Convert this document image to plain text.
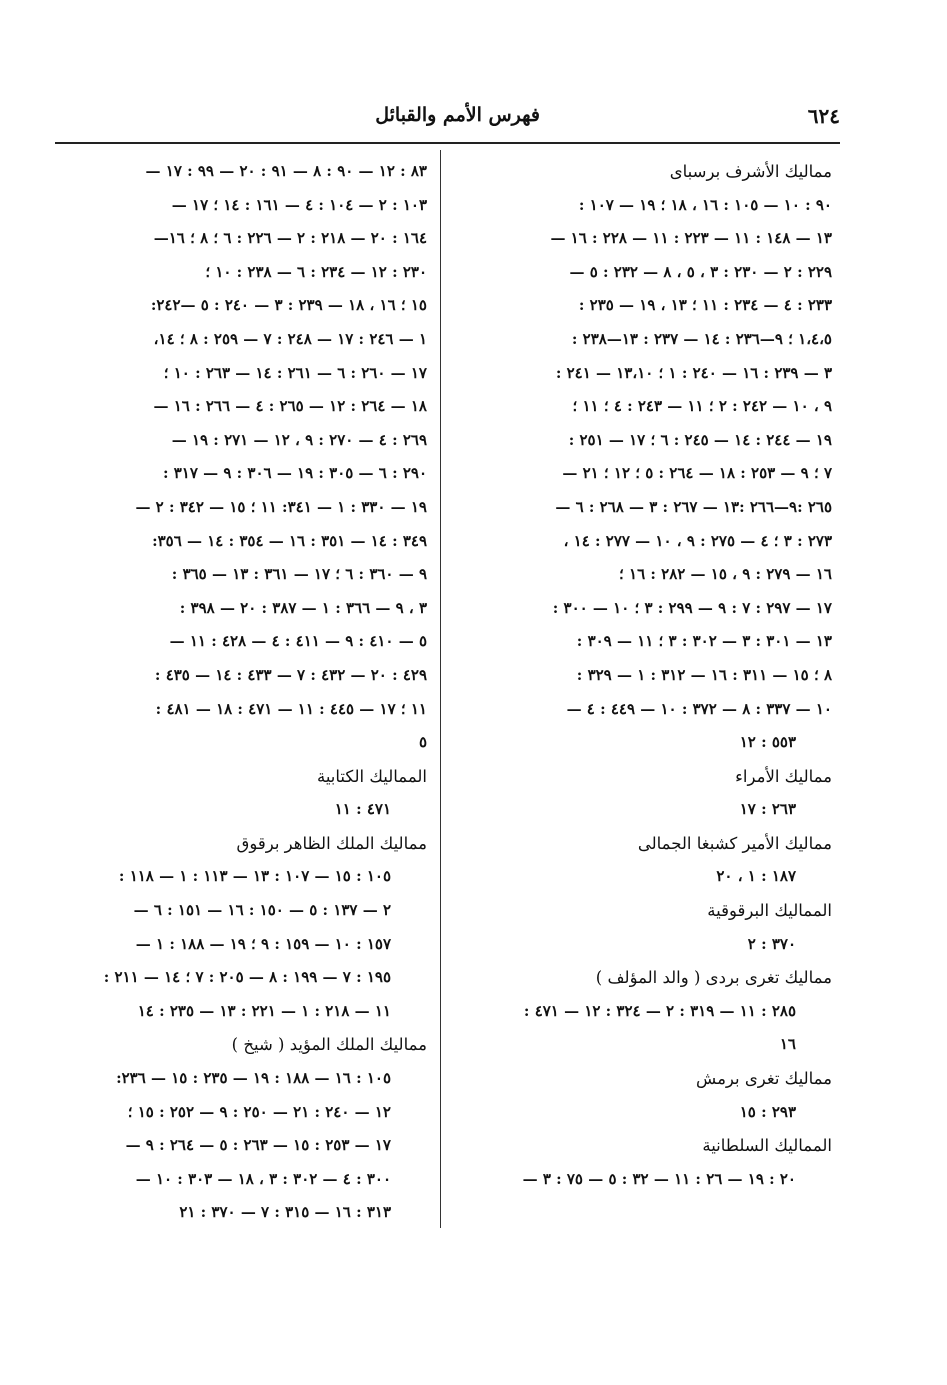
٦٢٤
فهرس الأمم والقبائل
مماليك الأشرف برسباى
٩٠ : ١٠ — ١٠٥ : ١٦ ، ١٨ ؛ ١٩ — ١٠٧ :
١٣ — ١٤٨ : ١١ — ٢٢٣ : ١١ — ٢٢٨ : ١٦ —
٢٢٩ : ٢ — ٢٣٠ : ٣ ، ٥ ، ٨ — ٢٣٢ : ٥ —
٢٣٣ : ٤ — ٢٣٤ : ١١ ؛ ١٣ ، ١٩ — ٢٣٥ :
١،٤،٥ ؛ ٩—٢٣٦ : ١٤ — ٢٣٧ : ١٣—٢٣٨ :
٣ — ٢٣٩ : ١٦ — ٢٤٠ : ١ ؛ ١٣،١٠ — ٢٤١ :
٩ ، ١٠ — ٢٤٢ : ٢ ؛ ١١ — ٢٤٣ : ٤ ؛ ١١ ؛
١٩ — ٢٤٤ : ١٤ — ٢٤٥ : ٦ ؛ ١٧ — ٢٥١ :
٧ ؛ ٩ — ٢٥٣ : ١٨ — ٢٦٤ : ٥ ؛ ١٢ ؛ ٢١ —
٢٦٥ :٩—٢٦٦ :١٣ — ٢٦٧ : ٣ — ٢٦٨ : ٦ —
٢٧٣ : ٣ ؛ ٤ — ٢٧٥ : ٩ ، ١٠ — ٢٧٧ : ١٤ ،
١٦ — ٢٧٩ : ٩ ، ١٥ — ٢٨٢ : ١٦ ؛
١٧ — ٢٩٧ : ٧ : ٩ — ٢٩٩ : ٣ ؛ ١٠ — ٣٠٠ :
١٣ — ٣٠١ : ٣ — ٣٠٢ : ٣ ؛ ١١ — ٣٠٩ :
٨ ؛ ١٥ — ٣١١ : ١٦ — ٣١٢ : ١ — ٣٢٩ :
١٠ — ٣٣٧ : ٨ — ٣٧٢ : ١٠ — ٤٤٩ : ٤ —
٥٥٣ : ١٢
مماليك الأمراء
٢٦٣ : ١٧
مماليك الأمير كشبغا الجمالى
١٨٧ : ١ ، ٢٠
المماليك البرقوقية
٣٧٠ : ٢
مماليك تغرى بردى ( والد المؤلف )
٢٨٥ : ١١ — ٣١٩ : ٢ — ٣٢٤ : ١٢ — ٤٧١ :
١٦
مماليك تغرى برمش
٢٩٣ : ١٥
المماليك السلطانية
٢٠ : ١٩ — ٢٦ : ١١ — ٣٢ : ٥ — ٧٥ : ٣ —
٨٣ : ١٢ — ٩٠ : ٨ — ٩١ : ٢٠ — ٩٩ : ١٧ —
١٠٣ : ٢ — ١٠٤ : ٤ — ١٦١ : ١٤ ؛ ١٧ —
١٦٤ : ٢٠ — ٢١٨ : ٢ — ٢٢٦ : ٦ ؛ ٨ ؛ ١٦—
٢٣٠ : ١٢ — ٢٣٤ : ٦ — ٢٣٨ : ١٠ ؛
١٥ ؛ ١٦ ، ١٨ — ٢٣٩ : ٣ — ٢٤٠ : ٥ —٢٤٢:
١ — ٢٤٦ : ١٧ — ٢٤٨ : ٧ — ٢٥٩ : ٨ ؛ ١٤،
١٧ — ٢٦٠ : ٦ — ٢٦١ : ١٤ — ٢٦٣ : ١٠ ؛
١٨ — ٢٦٤ : ١٢ — ٢٦٥ : ٤ — ٢٦٦ : ١٦ —
٢٦٩ : ٤ — ٢٧٠ : ٩ ، ١٢ — ٢٧١ : ١٩ —
٢٩٠ : ٦ — ٣٠٥ : ١٩ — ٣٠٦ : ٩ — ٣١٧ :
١٩ — ٣٣٠ : ١ — ٣٤١: ١١ ؛ ١٥ — ٣٤٢ : ٢ —
٣٤٩ : ١٤ — ٣٥١ : ١٦ — ٣٥٤ : ١٤ — ٣٥٦:
٩ — ٣٦٠ : ٦ ؛ ١٧ — ٣٦١ : ١٣ — ٣٦٥ :
٣ ، ٩ — ٣٦٦ : ١ — ٣٨٧ : ٢٠ — ٣٩٨ :
٥ — ٤١٠ : ٩ — ٤١١ : ٤ — ٤٢٨ : ١١ —
٤٢٩ : ٢٠ — ٤٣٢ : ٧ — ٤٣٣ : ١٤ — ٤٣٥ :
١١ ؛ ١٧ — ٤٤٥ : ١١ — ٤٧١ : ١٨ — ٤٨١ :
٥
المماليك الكتابية
٤٧١ : ١١
مماليك الملك الظاهر برقوق
١٠٥ : ١٥ — ١٠٧ : ١٣ — ١١٣ : ١ — ١١٨ :
٢ — ١٣٧ : ٥ — ١٥٠ : ١٦ — ١٥١ : ٦ —
١٥٧ : ١٠ — ١٥٩ : ٩ ؛ ١٩ — ١٨٨ : ١ —
١٩٥ : ٧ — ١٩٩ : ٨ — ٢٠٥ : ٧ ؛ ١٤ — ٢١١ :
١١ — ٢١٨ : ١ — ٢٢١ : ١٣ — ٢٣٥ : ١٤
مماليك الملك المؤيد ( شيخ )
١٠٥ : ١٦ — ١٨٨ : ١٩ — ٢٣٥ : ١٥ — ٢٣٦:
١٢ — ٢٤٠ : ٢١ — ٢٥٠ : ٩ — ٢٥٢ : ١٥ ؛
١٧ — ٢٥٣ : ١٥ — ٢٦٣ : ٥ — ٢٦٤ : ٩ —
٣٠٠ : ٤ — ٣٠٢ : ٣ ، ١٨ — ٣٠٣ : ١٠ —
٣١٣ : ١٦ — ٣١٥ : ٧ — ٣٧٠ : ٢١
